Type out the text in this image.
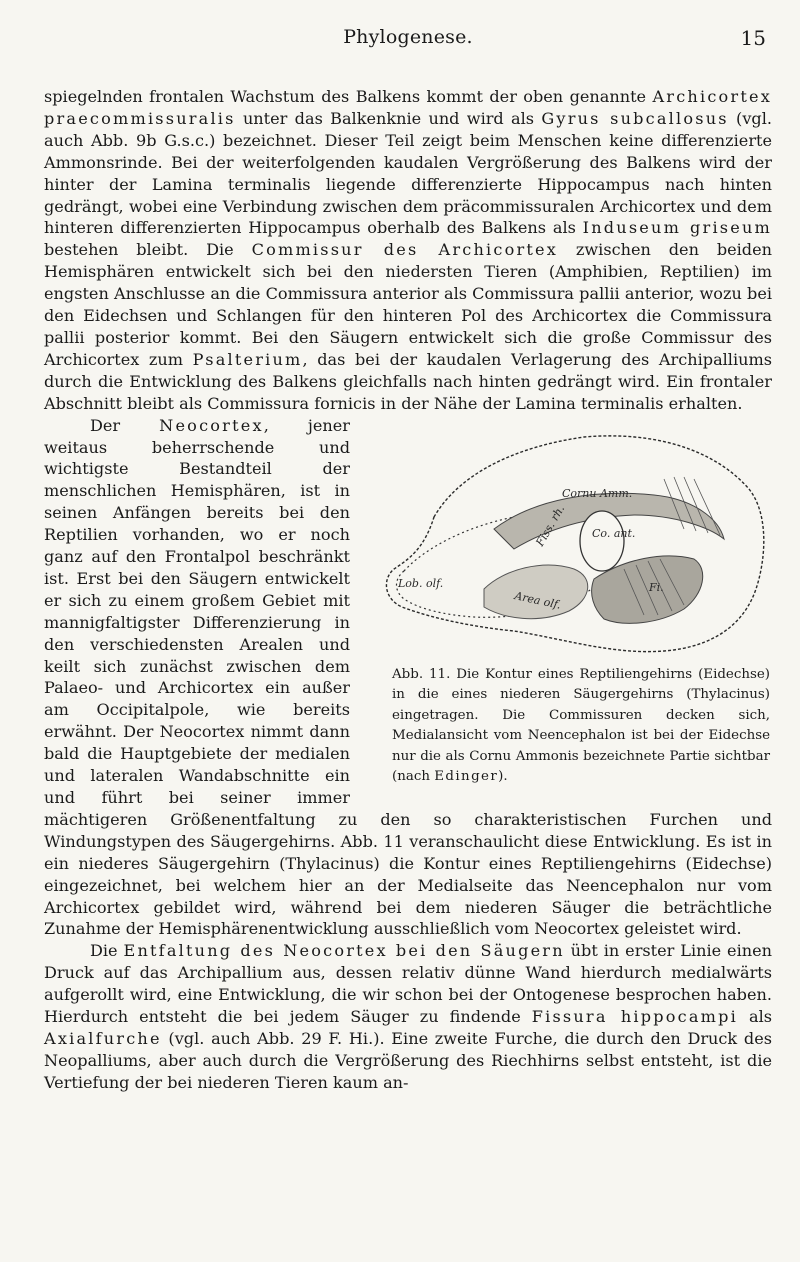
Phylogenese.	15

spiegelnden frontalen Wachstum des Balkens kommt der oben genannte Archicortex praecommissuralis unter das Balkenknie und wird als Gyrus subcallosus (vgl. auch Abb. 9b G.s.c.) bezeichnet. Dieser Teil zeigt beim Menschen keine differenzierte Ammonsrinde. Bei der weiterfolgenden kaudalen Vergrößerung des Balkens wird der hinter der Lamina terminalis liegende differenzierte Hippocampus nach hinten gedrängt, wobei eine Verbindung zwischen dem präcommissuralen Archicortex und dem hinteren differenzierten Hippocampus oberhalb des Balkens als Induseum griseum bestehen bleibt. Die Commissur des Archicortex zwischen den beiden Hemisphären entwickelt sich bei den niedersten Tieren (Amphibien, Reptilien) im engsten Anschlusse an die Commissura anterior als Commissura pallii anterior, wozu bei den Eidechsen und Schlangen für den hinteren Pol des Archicortex die Commissura pallii posterior kommt. Bei den Säugern entwickelt sich die große Commissur des Archicortex zum Psalterium, das bei der kaudalen Verlagerung des Archipalliums durch die Entwicklung des Balkens gleichfalls nach hinten gedrängt wird. Ein frontaler Abschnitt bleibt als Commissura fornicis in der Nähe der Lamina terminalis erhalten.

Lob. olf.
Cornu Amm.
Co. ant.
Area olf.
Fiss. rh.
Fi.
Abb. 11. Die Kontur eines Reptiliengehirns (Eidechse) in die eines niederen Säugergehirns (Thylacinus) eingetragen. Die Commissuren decken sich, Medialansicht vom Neencephalon ist bei der Eidechse nur die als Cornu Ammonis bezeichnete Partie sichtbar (nach Edinger).

Der Neocortex, jener weitaus beherrschende und wichtigste Bestandteil der menschlichen Hemisphären, ist in seinen Anfängen bereits bei den Reptilien vorhanden, wo er noch ganz auf den Frontalpol beschränkt ist. Erst bei den Säugern entwickelt er sich zu einem großem Gebiet mit mannigfaltigster Differenzierung in den verschiedensten Arealen und keilt sich zunächst zwischen dem Palaeo- und Archicortex ein außer am Occipitalpole, wie bereits erwähnt. Der Neocortex nimmt dann bald die Hauptgebiete der medialen und lateralen Wandabschnitte ein und führt bei seiner immer mächtigeren Größenentfaltung zu den so charakteristischen Furchen und Windungstypen des Säugergehirns. Abb. 11 veranschaulicht diese Entwicklung. Es ist in ein niederes Säugergehirn (Thylacinus) die Kontur eines Reptiliengehirns (Eidechse) eingezeichnet, bei welchem hier an der Medialseite das Neencephalon nur vom Archicortex gebildet wird, während bei dem niederen Säuger die beträchtliche Zunahme der Hemisphärenentwicklung ausschließlich vom Neocortex geleistet wird.

Die Entfaltung des Neocortex bei den Säugern übt in erster Linie einen Druck auf das Archipallium aus, dessen relativ dünne Wand hierdurch medialwärts aufgerollt wird, eine Entwicklung, die wir schon bei der Ontogenese besprochen haben. Hierdurch entsteht die bei jedem Säuger zu findende Fissura hippocampi als Axialfurche (vgl. auch Abb. 29 F. Hi.). Eine zweite Furche, die durch den Druck des Neopalliums, aber auch durch die Vergrößerung des Riechhirns selbst entsteht, ist die Vertiefung der bei niederen Tieren kaum an-
